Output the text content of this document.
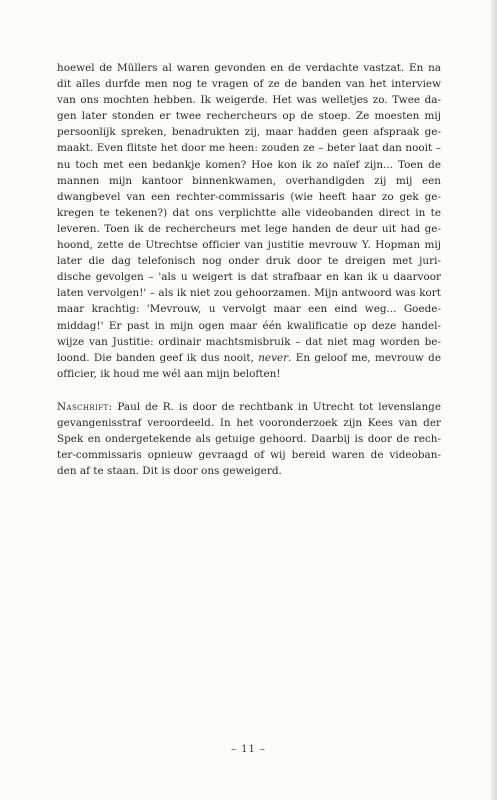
hoewel de Müllers al waren gevonden en de verdachte vastzat. En na dit alles durfde men nog te vragen of ze de banden van het interview van ons mochten hebben. Ik weigerde. Het was welletjes zo. Twee da- gen later stonden er twee rechercheurs op de stoep. Ze moesten mij persoonlijk spreken, benadrukten zij, maar hadden geen afspraak ge- maakt. Even flitste het door me heen: zouden ze – beter laat dan nooit – nu toch met een bedankje komen? Hoe kon ik zo naïef zijn... Toen de mannen mijn kantoor binnenkwamen, overhandigden zij mij een dwangbevel van een rechter-commissaris (wie heeft haar zo gek ge- kregen te tekenen?) dat ons verplichtte alle videobanden direct in te leveren. Toen ik de rechercheurs met lege handen de deur uit had ge- hoond, zette de Utrechtse officier van justitie mevrouw Y. Hopman mij later die dag telefonisch nog onder druk door te dreigen met juri- dische gevolgen – 'als u weigert is dat strafbaar en kan ik u daarvoor laten vervolgen!' – als ik niet zou gehoorzamen. Mijn antwoord was kort maar krachtig: 'Mevrouw, u vervolgt maar een eind weg... Goede- middag!' Er past in mijn ogen maar één kwalificatie op deze handel- wijze van Justitie: ordinair machtsmisbruik – dat niet mag worden be- loond. Die banden geef ik dus nooit, never. En geloof me, mevrouw de officier, ik houd me wél aan mijn beloften!

Naschrift: Paul de R. is door de rechtbank in Utrecht tot levenslange gevangenisstraf veroordeeld. In het vooronderzoek zijn Kees van der Spek en ondergetekende als getuige gehoord. Daarbij is door de rech- ter-commissaris opnieuw gevraagd of wij bereid waren de videoban- den af te staan. Dit is door ons geweigerd.

– 11 –
